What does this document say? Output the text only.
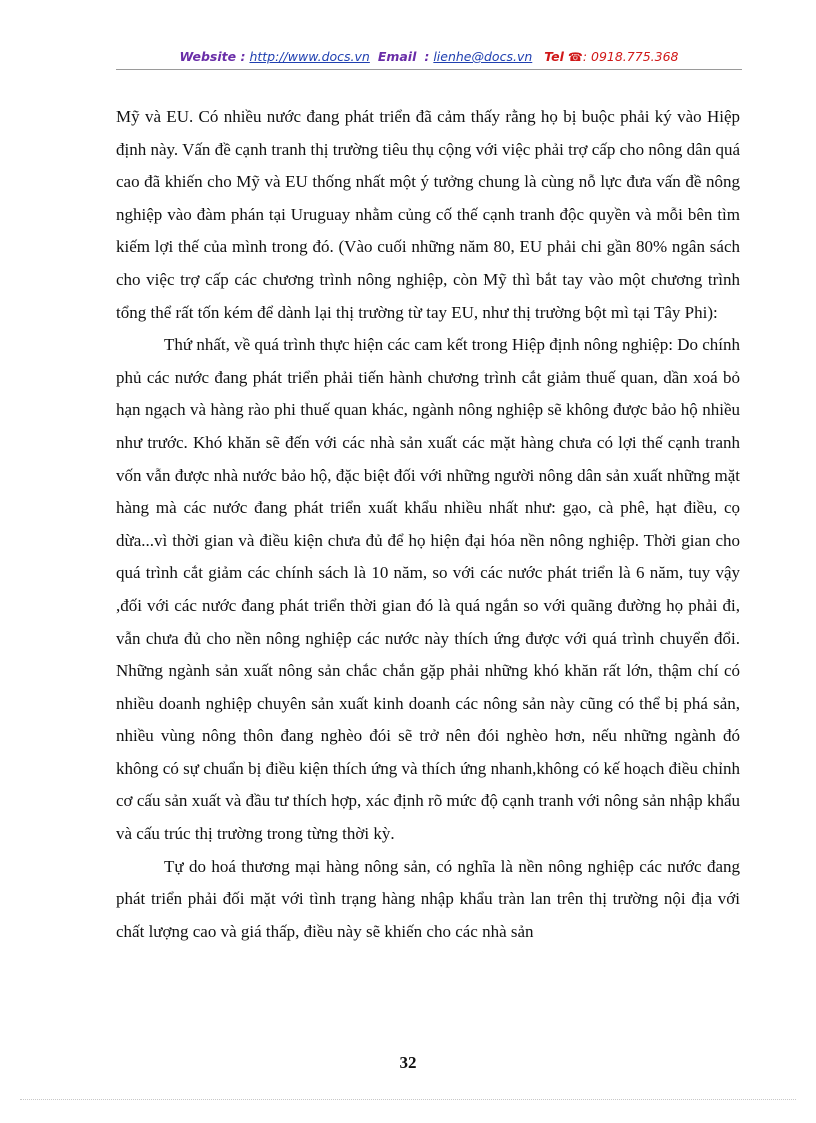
Website : http://www.docs.vn Email : lienhe@docs.vn Tel ☎: 0918.775.368

Mỹ và EU. Có nhiều nước đang phát triển đã cảm thấy rằng họ bị buộc phải ký vào Hiệp định này. Vấn đề cạnh tranh thị trường tiêu thụ cộng với việc phải trợ cấp cho nông dân quá cao đã khiến cho Mỹ và EU thống nhất một ý tưởng chung là cùng nỗ lực đưa vấn đề nông nghiệp vào đàm phán tại Uruguay nhằm củng cố thế cạnh tranh độc quyền và mỗi bên tìm kiếm lợi thế của mình trong đó. (Vào cuối những năm 80, EU phải chi gần 80% ngân sách cho việc trợ cấp các chương trình nông nghiệp, còn Mỹ thì bắt tay vào một chương trình tổng thể rất tốn kém để dành lại thị trường từ tay EU, như thị trường bột mì tại Tây Phi):

Thứ nhất, về quá trình thực hiện các cam kết trong Hiệp định nông nghiệp: Do chính phủ các nước đang phát triển phải tiến hành chương trình cắt giảm thuế quan, dần xoá bỏ hạn ngạch và hàng rào phi thuế quan khác, ngành nông nghiệp sẽ không được bảo hộ nhiều như trước. Khó khăn sẽ đến với các nhà sản xuất các mặt hàng chưa có lợi thế cạnh tranh vốn vẫn được nhà nước bảo hộ, đặc biệt đối với những người nông dân sản xuất những mặt hàng mà các nước đang phát triển xuất khẩu nhiều nhất như: gạo, cà phê, hạt điều, cọ dừa...vì thời gian và điều kiện chưa đủ để họ hiện đại hóa nền nông nghiệp. Thời gian cho quá trình cắt giảm các chính sách là 10 năm, so với các nước phát triển là 6 năm, tuy vậy ,đối với các nước đang phát triển thời gian đó là quá ngắn so với quãng đường họ phải đi, vẫn chưa đủ cho nền nông nghiệp các nước này thích ứng được với quá trình chuyển đổi. Những ngành sản xuất nông sản chắc chắn gặp phải những khó khăn rất lớn, thậm chí có nhiều doanh nghiệp chuyên sản xuất kinh doanh các nông sản này cũng có thể bị phá sản, nhiều vùng nông thôn đang nghèo đói sẽ trở nên đói nghèo hơn, nếu những ngành đó không có sự chuẩn bị điều kiện thích ứng và thích ứng nhanh,không có kế hoạch điều chỉnh cơ cấu sản xuất và đầu tư thích hợp, xác định rõ mức độ cạnh tranh với nông sản nhập khẩu và cấu trúc thị trường trong từng thời kỳ.

Tự do hoá thương mại hàng nông sản, có nghĩa là nền nông nghiệp các nước đang phát triển phải đối mặt với tình trạng hàng nhập khẩu tràn lan trên thị trường nội địa với chất lượng cao và giá thấp, điều này sẽ khiến cho các nhà sản

32
